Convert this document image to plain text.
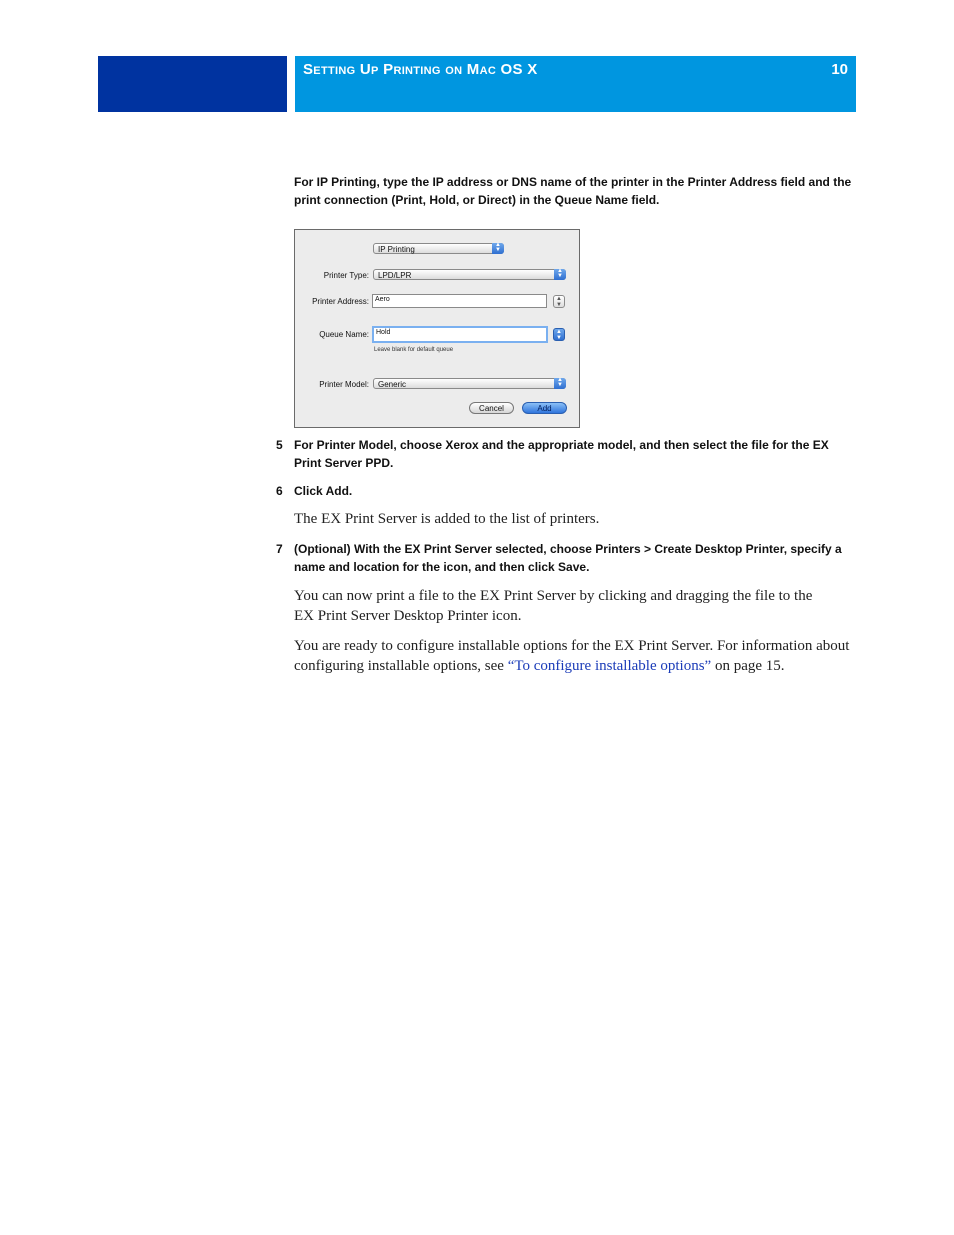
Setting Up Printing on Mac OS X	10
For IP Printing, type the IP address or DNS name of the printer in the Printer Address field and the print connection (Print, Hold, or Direct) in the Queue Name field.
IP Printing	▲
▼
Printer Type:	LPD/LPR	▲
▼
Printer Address: Aero	▲
▼
Queue Name:	Hold	▲
▼
Leave blank for default queue
Printer Model:	Generic	▲
▼
Cancel	Add
5 For Printer Model, choose Xerox and the appropriate model, and then select the file for the EX Print Server PPD.
6 Click Add.
The EX Print Server is added to the list of printers.
7 (Optional) With the EX Print Server selected, choose Printers > Create Desktop Printer, specify a name and location for the icon, and then click Save.
You can now print a file to the EX Print Server by clicking and dragging the file to the EX Print Server Desktop Printer icon.
You are ready to configure installable options for the EX Print Server. For information about configuring installable options, see “To configure installable options” on page 15.
